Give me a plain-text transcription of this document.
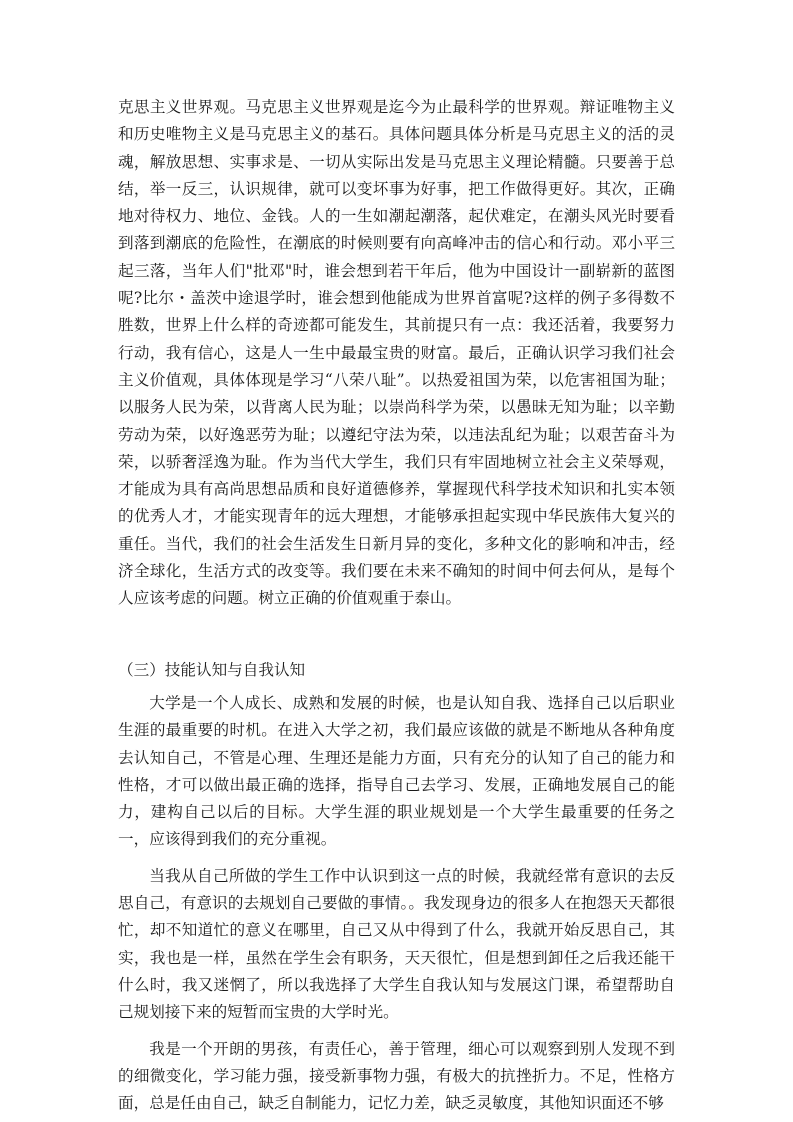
克思主义世界观。马克思主义世界观是迄今为止最科学的世界观。辩证唯物主义和历史唯物主义是马克思主义的基石。具体问题具体分析是马克思主义的活的灵魂，解放思想、实事求是、一切从实际出发是马克思主义理论精髓。只要善于总结，举一反三，认识规律，就可以变坏事为好事，把工作做得更好。其次，正确地对待权力、地位、金钱。人的一生如潮起潮落，起伏难定，在潮头风光时要看到落到潮底的危险性，在潮底的时候则要有向高峰冲击的信心和行动。邓小平三起三落，当年人们"批邓"时，谁会想到若干年后，他为中国设计一副崭新的蓝图呢?比尔・盖茨中途退学时，谁会想到他能成为世界首富呢?这样的例子多得数不胜数，世界上什么样的奇迹都可能发生，其前提只有一点：我还活着，我要努力行动，我有信心，这是人一生中最最宝贵的财富。最后，正确认识学习我们社会主义价值观，具体体现是学习“八荣八耻”。以热爱祖国为荣，以危害祖国为耻；以服务人民为荣，以背离人民为耻；以崇尚科学为荣，以愚昧无知为耻；以辛勤劳动为荣，以好逸恶劳为耻；以遵纪守法为荣，以违法乱纪为耻；以艰苦奋斗为荣，以骄奢淫逸为耻。作为当代大学生，我们只有牢固地树立社会主义荣辱观，才能成为具有高尚思想品质和良好道德修养，掌握现代科学技术知识和扎实本领的优秀人才，才能实现青年的远大理想，才能够承担起实现中华民族伟大复兴的重任。当代，我们的社会生活发生日新月异的变化，多种文化的影响和冲击，经济全球化，生活方式的改变等。我们要在未来不确知的时间中何去何从，是每个人应该考虑的问题。树立正确的价值观重于泰山。

（三）技能认知与自我认知

大学是一个人成长、成熟和发展的时候，也是认知自我、选择自己以后职业生涯的最重要的时机。在进入大学之初，我们最应该做的就是不断地从各种角度去认知自己，不管是心理、生理还是能力方面，只有充分的认知了自己的能力和性格，才可以做出最正确的选择，指导自己去学习、发展，正确地发展自己的能力，建构自己以后的目标。大学生涯的职业规划是一个大学生最重要的任务之一，应该得到我们的充分重视。

当我从自己所做的学生工作中认识到这一点的时候，我就经常有意识的去反思自己，有意识的去规划自己要做的事情。。我发现身边的很多人在抱怨天天都很忙，却不知道忙的意义在哪里，自己又从中得到了什么，我就开始反思自己，其实，我也是一样，虽然在学生会有职务，天天很忙，但是想到卸任之后我还能干什么时，我又迷惘了，所以我选择了大学生自我认知与发展这门课，希望帮助自己规划接下来的短暂而宝贵的大学时光。

我是一个开朗的男孩，有责任心，善于管理，细心可以观察到别人发现不到的细微变化，学习能力强，接受新事物力强，有极大的抗挫折力。不足，性格方面，总是任由自己，缺乏自制能力，记忆力差，缺乏灵敏度，其他知识面还不够
